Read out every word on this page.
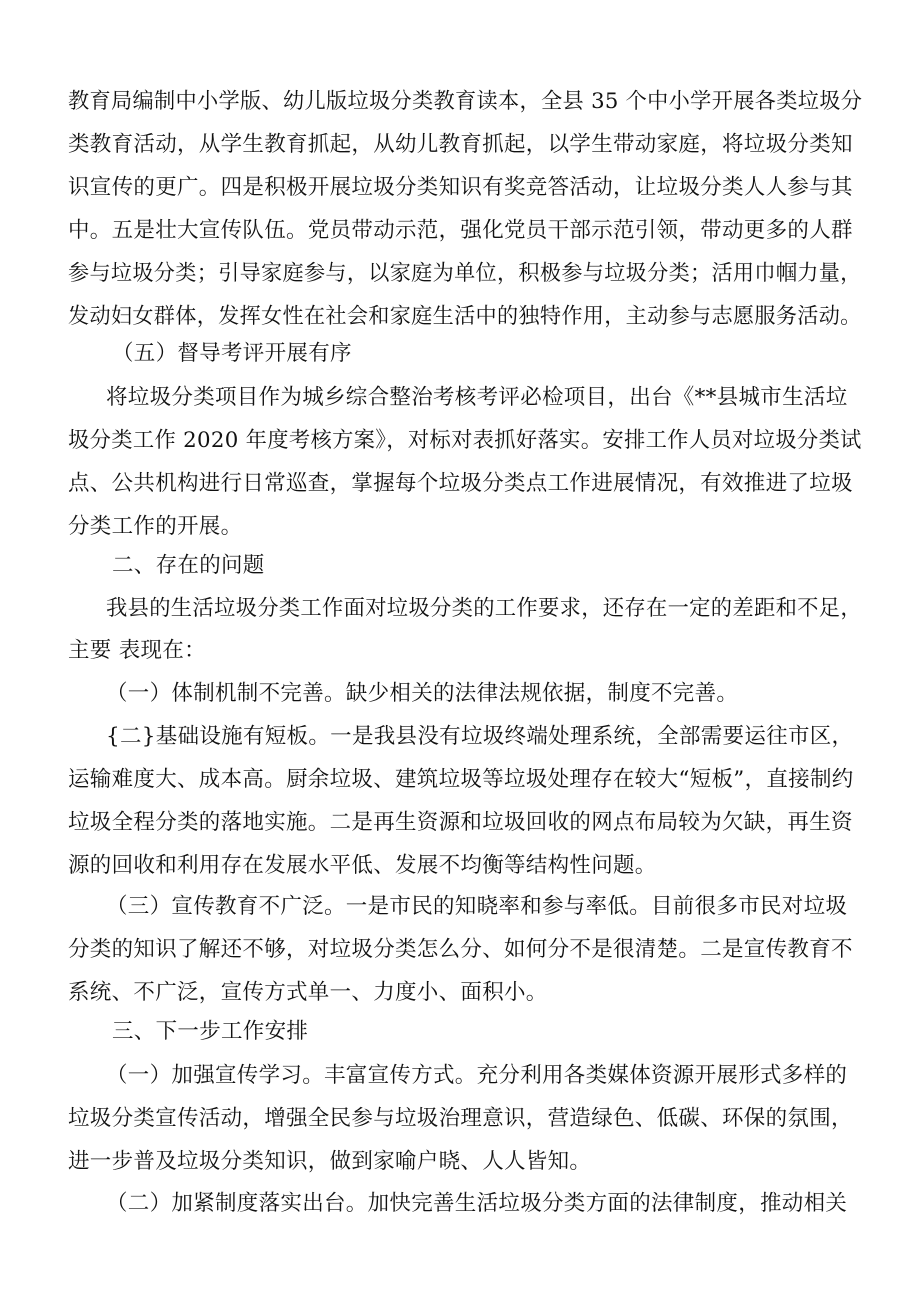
教育局编制中小学版、幼儿版垃圾分类教育读本，全县 35 个中小学开展各类垃圾分
类教育活动，从学生教育抓起，从幼儿教育抓起，以学生带动家庭，将垃圾分类知
识宣传的更广。四是积极开展垃圾分类知识有奖竞答活动，让垃圾分类人人参与其
中。五是壮大宣传队伍。党员带动示范，强化党员干部示范引领，带动更多的人群
参与垃圾分类；引导家庭参与，以家庭为单位，积极参与垃圾分类；活用巾帼力量，
发动妇女群体，发挥女性在社会和家庭生活中的独特作用，主动参与志愿服务活动。
（五）督导考评开展有序
将垃圾分类项目作为城乡综合整治考核考评必检项目，出台《**县城市生活垃
圾分类工作 2020 年度考核方案》，对标对表抓好落实。安排工作人员对垃圾分类试
点、公共机构进行日常巡查，掌握每个垃圾分类点工作进展情况，有效推进了垃圾
分类工作的开展。
二、存在的问题
我县的生活垃圾分类工作面对垃圾分类的工作要求，还存在一定的差距和不足，
主要 表现在：
（一）体制机制不完善。缺少相关的法律法规依据，制度不完善。
{二}基础设施有短板。一是我县没有垃圾终端处理系统，全部需要运往市区，
运输难度大、成本高。厨余垃圾、建筑垃圾等垃圾处理存在较大“短板”，直接制约
垃圾全程分类的落地实施。二是再生资源和垃圾回收的网点布局较为欠缺，再生资
源的回收和利用存在发展水平低、发展不均衡等结构性问题。
（三）宣传教育不广泛。一是市民的知晓率和参与率低。目前很多市民对垃圾
分类的知识了解还不够，对垃圾分类怎么分、如何分不是很清楚。二是宣传教育不
系统、不广泛，宣传方式单一、力度小、面积小。
三、下一步工作安排
（一）加强宣传学习。丰富宣传方式。充分利用各类媒体资源开展形式多样的
垃圾分类宣传活动，增强全民参与垃圾治理意识，营造绿色、低碳、环保的氛围，
进一步普及垃圾分类知识，做到家喻户晓、人人皆知。
（二）加紧制度落实出台。加快完善生活垃圾分类方面的法律制度，推动相关
